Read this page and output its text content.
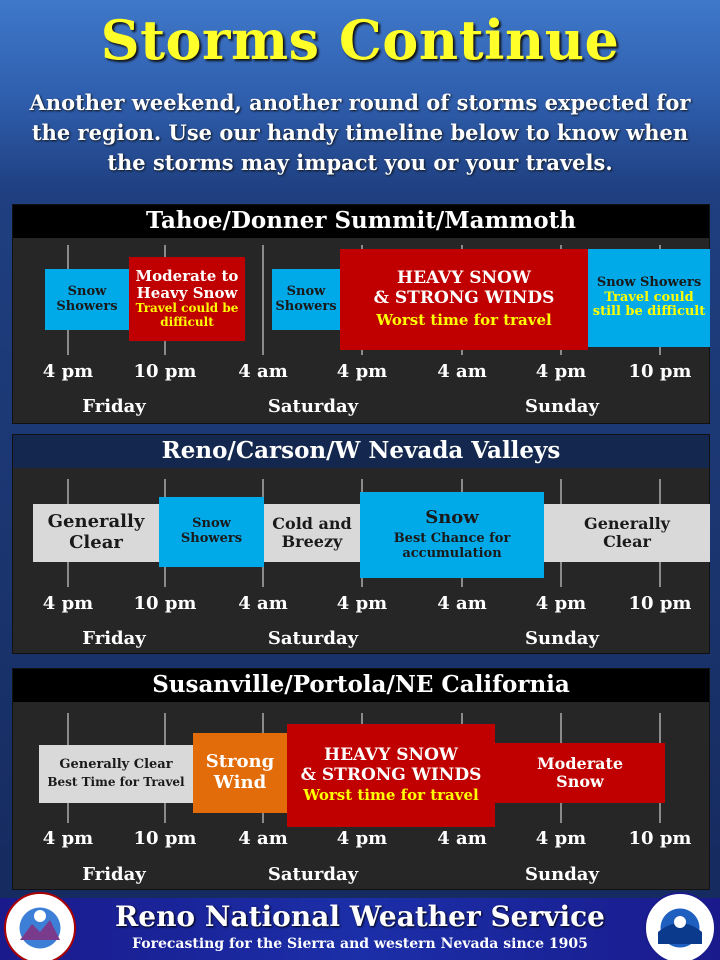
Storms Continue
Another weekend, another round of storms expected for the region. Use our handy timeline below to know when the storms may impact you or your travels.
Tahoe/Donner Summit/Mammoth
Snow
Showers
Moderate to
Heavy Snow
Travel could be
difficult
Snow
Showers
HEAVY SNOW
& STRONG WINDS
Worst time for travel
Snow Showers
Travel could
still be difficult
4 pm	10 pm	4 am	4 pm	4 am	4 pm	10 pm
Friday	Saturday	Sunday
Reno/Carson/W Nevada Valleys
Generally
Clear
Snow
Showers
Cold and
Breezy
Snow
Best Chance for
accumulation
Generally
Clear
4 pm	10 pm	4 am	4 pm	4 am	4 pm	10 pm
Friday	Saturday	Sunday
Susanville/Portola/NE California
Generally Clear
Best Time for Travel
Strong
Wind
HEAVY SNOW
& STRONG WINDS
Worst time for travel
Moderate
Snow
4 pm	10 pm	4 am	4 pm	4 am	4 pm	10 pm
Friday	Saturday	Sunday
Reno National Weather Service
Forecasting for the Sierra and western Nevada since 1905
